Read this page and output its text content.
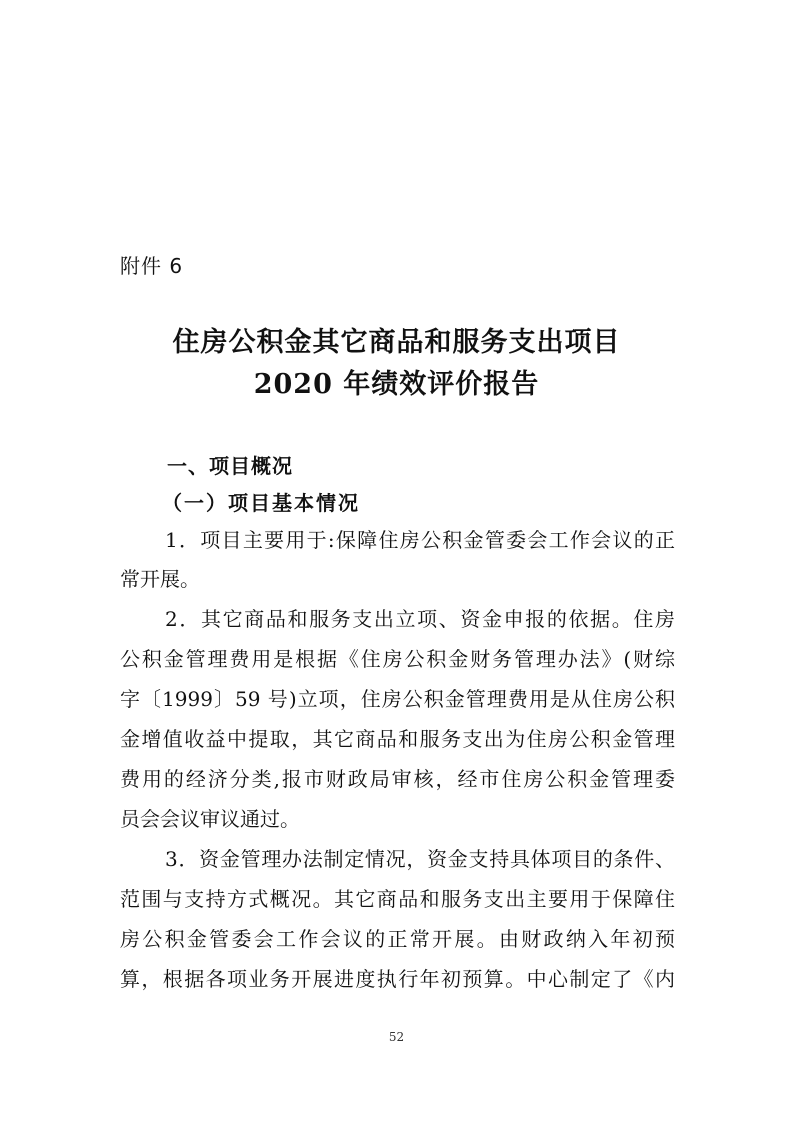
附件 6

住房公积金其它商品和服务支出项目
2020 年绩效评价报告
一、项目概况
（一）项目基本情况

1．项目主要用于:保障住房公积金管委会工作会议的正

常开展。

2．其它商品和服务支出立项、资金申报的依据。住房

公积金管理费用是根据《住房公积金财务管理办法》(财综

字〔1999〕59 号)立项，住房公积金管理费用是从住房公积

金增值收益中提取，其它商品和服务支出为住房公积金管理

费用的经济分类,报市财政局审核，经市住房公积金管理委

员会会议审议通过。

3．资金管理办法制定情况，资金支持具体项目的条件、

范围与支持方式概况。其它商品和服务支出主要用于保障住

房公积金管委会工作会议的正常开展。由财政纳入年初预

算，根据各项业务开展进度执行年初预算。中心制定了《内

52
